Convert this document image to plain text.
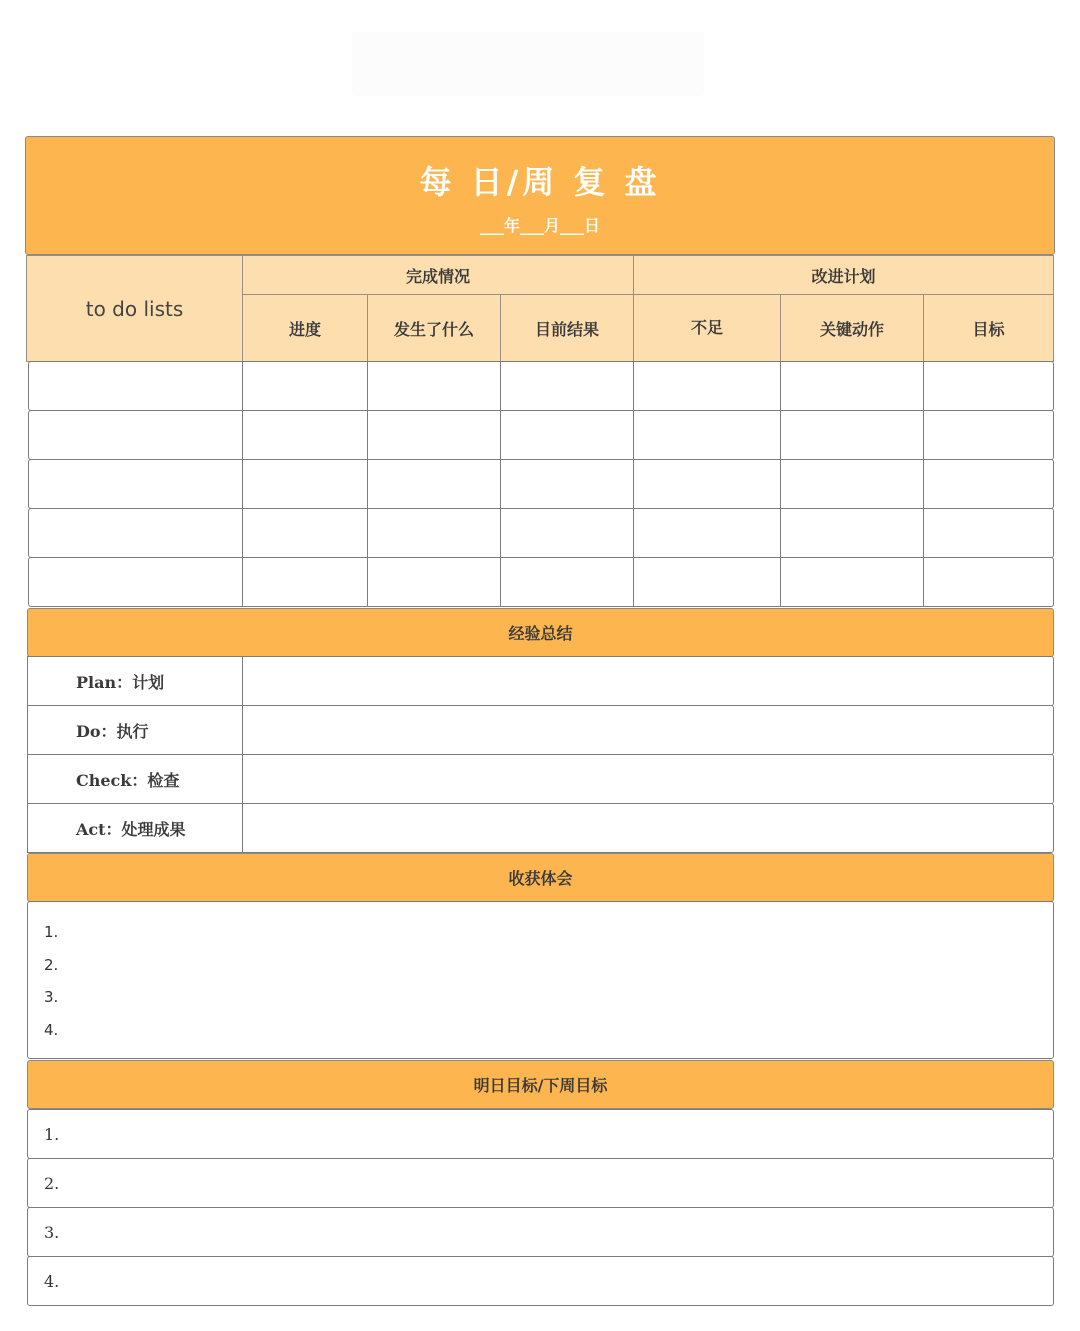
每 日/周 复 盘
___年___月___日
to do lists
完成情况	改进计划
进度	发生了什么	目前结果	不足	关键动作	目标
经验总结
Plan：计划
Do：执行
Check：检查
Act：处理成果
收获体会
1.
2.
3.
4.
明日目标/下周目标
1.
2.
3.
4.
